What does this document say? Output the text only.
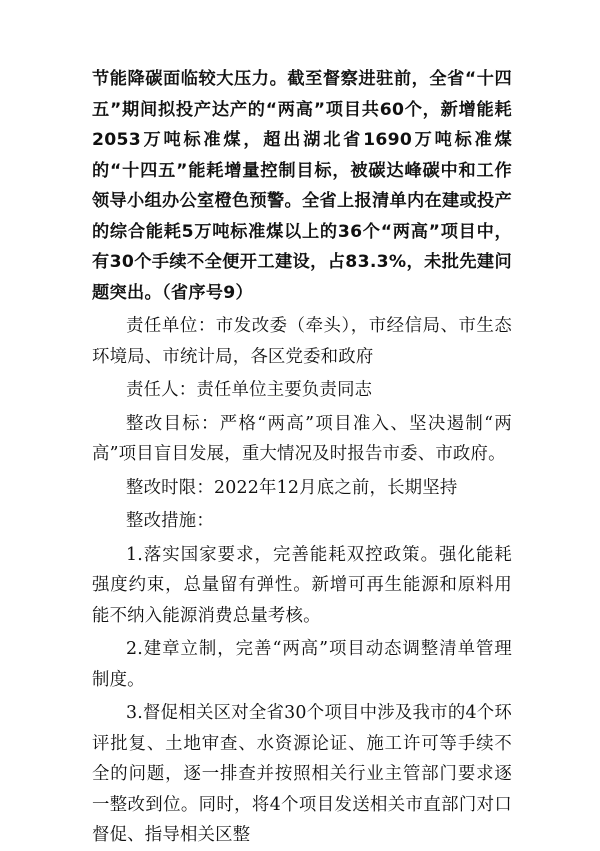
节能降碳面临较大压力。截至督察进驻前，全省“十四五”期间拟投产达产的“两高”项目共60个，新增能耗2053万吨标准煤，超出湖北省1690万吨标准煤的“十四五”能耗增量控制目标，被碳达峰碳中和工作领导小组办公室橙色预警。全省上报清单内在建或投产的综合能耗5万吨标准煤以上的36个“两高”项目中，有30个手续不全便开工建设，占83.3%，未批先建问题突出。（省序号9）

责任单位：市发改委（牵头），市经信局、市生态环境局、市统计局，各区党委和政府

责任人：责任单位主要负责同志

整改目标：严格“两高”项目准入、坚决遏制“两高”项目盲目发展，重大情况及时报告市委、市政府。

整改时限：2022年12月底之前，长期坚持

整改措施：

1.落实国家要求，完善能耗双控政策。强化能耗强度约束，总量留有弹性。新增可再生能源和原料用能不纳入能源消费总量考核。

2.建章立制，完善“两高”项目动态调整清单管理制度。

3.督促相关区对全省30个项目中涉及我市的4个环评批复、土地审查、水资源论证、施工许可等手续不全的问题，逐一排查并按照相关行业主管部门要求逐一整改到位。同时，将4个项目发送相关市直部门对口督促、指导相关区整
